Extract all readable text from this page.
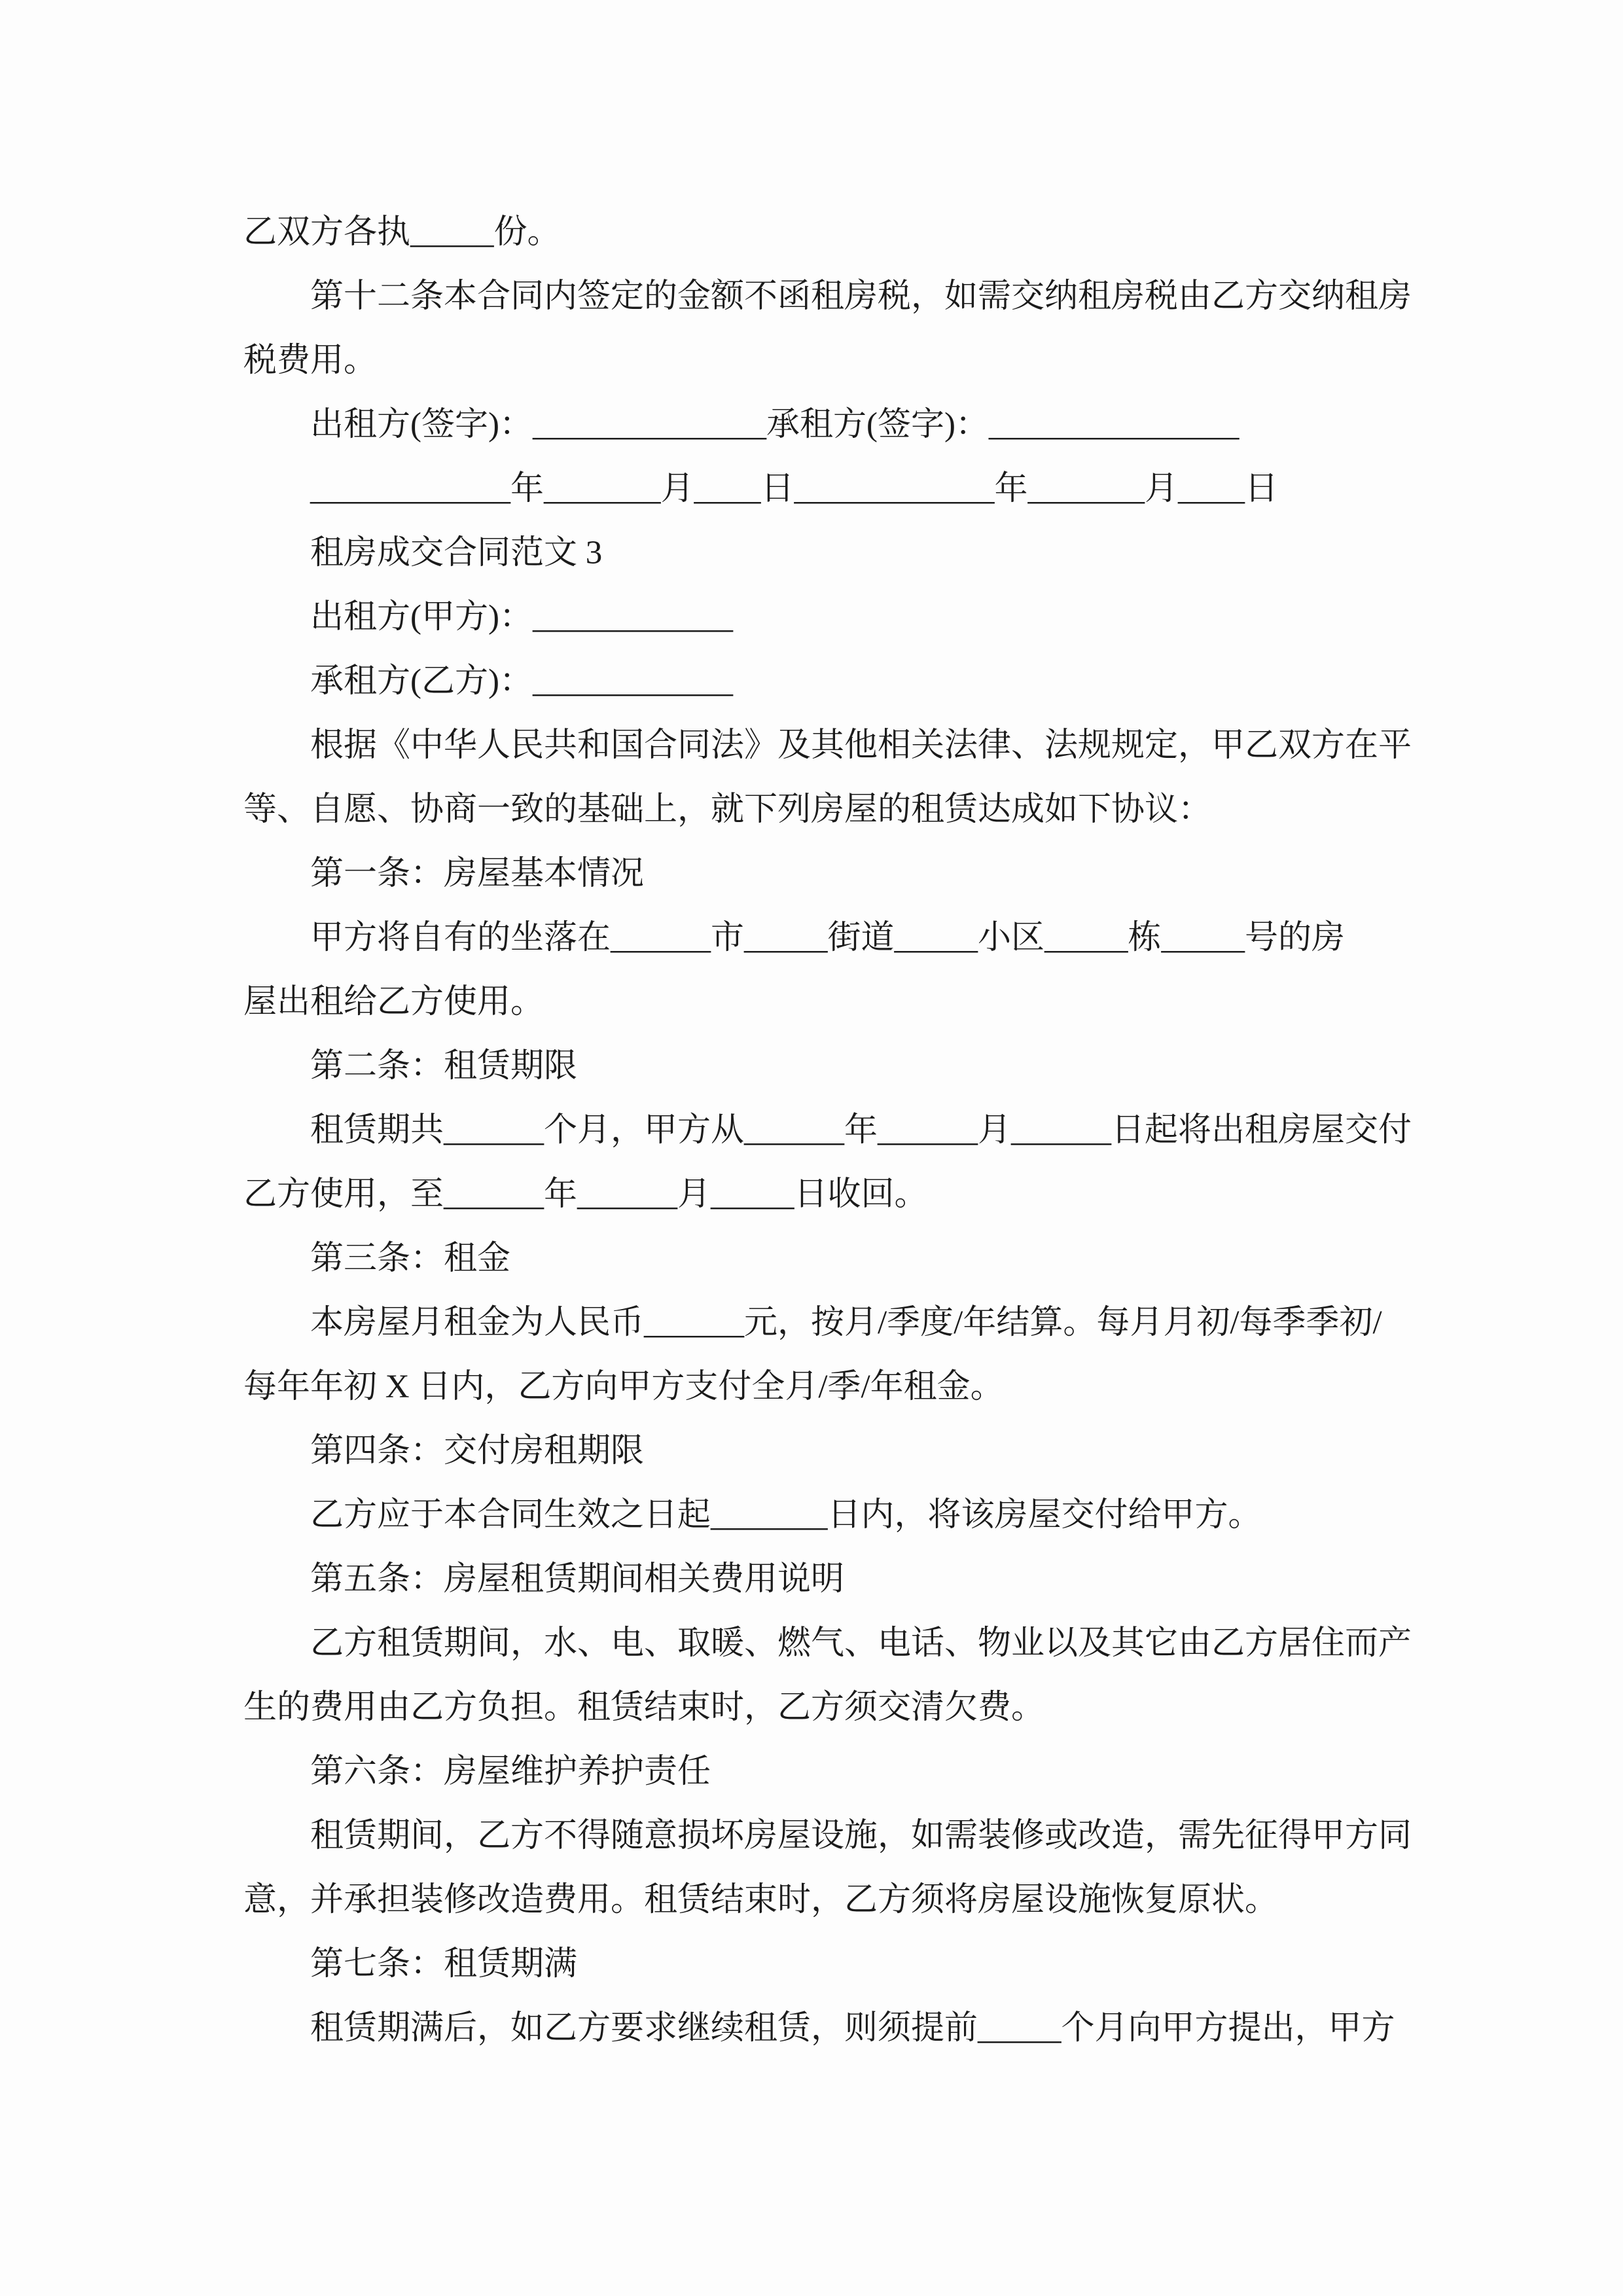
乙双方各执_____份。
第十二条本合同内签定的金额不函租房税，如需交纳租房税由乙方交纳租房
税费用。
出租方(签字)：______________承租方(签字)：_______________
____________年_______月____日____________年_______月____日
租房成交合同范文 3
出租方(甲方)：____________
承租方(乙方)：____________
根据《中华人民共和国合同法》及其他相关法律、法规规定，甲乙双方在平
等、自愿、协商一致的基础上，就下列房屋的租赁达成如下协议：
第一条：房屋基本情况
甲方将自有的坐落在______市_____街道_____小区_____栋_____号的房
屋出租给乙方使用。
第二条：租赁期限
租赁期共______个月，甲方从______年______月______日起将出租房屋交付
乙方使用，至______年______月_____日收回。
第三条：租金
本房屋月租金为人民币______元，按月/季度/年结算。每月月初/每季季初/
每年年初 X 日内，乙方向甲方支付全月/季/年租金。
第四条：交付房租期限
乙方应于本合同生效之日起_______日内，将该房屋交付给甲方。
第五条：房屋租赁期间相关费用说明
乙方租赁期间，水、电、取暖、燃气、电话、物业以及其它由乙方居住而产
生的费用由乙方负担。租赁结束时，乙方须交清欠费。
第六条：房屋维护养护责任
租赁期间，乙方不得随意损坏房屋设施，如需装修或改造，需先征得甲方同
意，并承担装修改造费用。租赁结束时，乙方须将房屋设施恢复原状。
第七条：租赁期满
租赁期满后，如乙方要求继续租赁，则须提前_____个月向甲方提出，甲方
